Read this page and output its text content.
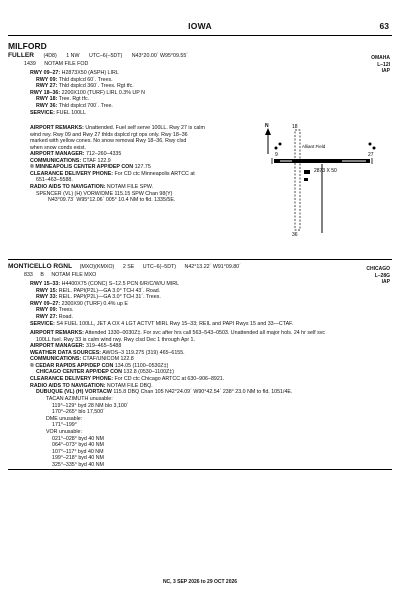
IOWA	63
MILFORD
FULLER (4D8) 1 NW UTC–6(–5DT) N43°20.00´ W95°09.55´
1439 NOTAM FILE FOD
OMAHA
L–12I
IAP
RWY 09–27: H2873X50 (ASPH) LIRL
RWY 09: Thld dsplcd 60´. Trees.
RWY 27: Thld dsplcd 360´. Trees. Rgt tfc.
RWY 18–36: 2200X100 (TURF) LIRL 0.3% UP N
RWY 18: Tree. Rgt tfc.
RWY 36: Thld dsplcd 700´. Tree.
SERVICE: FUEL 100LL
AIRPORT REMARKS: Unattended. Fuel self serve 100LL. Rwy 27 is calm
wind rwy. Rwy 09 and Rwy 27 thlds dsplcd rgt ops only. Rwy 18–36
marked with yellow cones. No snow removal Rwy 18–36. Rwy clsd
when snow conds exist.
AIRPORT MANAGER: 712–260–4335
COMMUNICATIONS: CTAF 122.9
® MINNEAPOLIS CENTER APP/DEP CON 127.75
CLEARANCE DELIVERY PHONE: For CD ctc Minneapolis ARTCC at
651–463–5588.
RADIO AIDS TO NAVIGATION: NOTAM FILE SPW.
SPENCER (VL) (H) VORW/DME 115.15 SPW Chan 98(Y)
N43°09.73´ W95°12.06´ 005° 10.4 NM to fld. 1335/5E.
N
9	27
2873 X 50
18
36
Alliant Field
MONTICELLO RGNL (MXO)(KMXO) 2 SE UTC–6(–5DT) N42°13.22´ W91°09.80´
833 B NOTAM FILE MXO
CHICAGO
L–28G
IAP
RWY 15–33: H4400X75 (CONC) S–12.5 PCN 6/R/C/W/U MIRL
RWY 15: REIL. PAPI(P2L)—GA 3.0° TCH 43´. Road.
RWY 33: REIL. PAPI(P2L)—GA 3.0° TCH 31´. Trees.
RWY 09–27: 2300X90 (TURF) 0.4% up E
RWY 09: Trees.
RWY 27: Road.
SERVICE: S4 FUEL 100LL, JET A OX 4 LGT ACTVT MIRL Rwy 15–33; REIL and PAPI Rwys 15 and 33—CTAF.
AIRPORT REMARKS: Attended 1330–0030Z‡. For svc after hrs call 563–543–0503. Unattended all major hols. 24 hr self svc
100LL fuel. Rwy 33 is calm wind rwy. Rwy clsd Dec 1 through Apr 1.
AIRPORT MANAGER: 319–465–5488
WEATHER DATA SOURCES: AWOS–3 119.275 (319) 465–6155.
COMMUNICATIONS: CTAF/UNICOM 122.8
® CEDAR RAPIDS APP/DEP CON 134.05 (1100–0530Z‡)
CHICAGO CENTER APP/DEP CON 132.8 (0530–1100Z‡)
CLEARANCE DELIVERY PHONE: For CD ctc Chicago ARTCC at 630–906–8921.
RADIO AIDS TO NAVIGATION: NOTAM FILE DBQ.
DUBUQUE (VL) (H) VORTACW 115.8 DBQ Chan 105 N42°24.09´ W90°42.54´ 238° 23.0 NM to fld. 1051/4E.
TACAN AZIMUTH unusable:
119°–129° byd 28 NM blo 3,100´
170°–265° blo 17,500´
DME unusable:
171°–199°
VOR unusable:
021°–028° byd 40 NM
064°–073° byd 40 NM
107°–117° byd 40 NM
199°–218° byd 40 NM
325°–335° byd 40 NM
NC, 3 SEP 2026 to 29 OCT 2026
